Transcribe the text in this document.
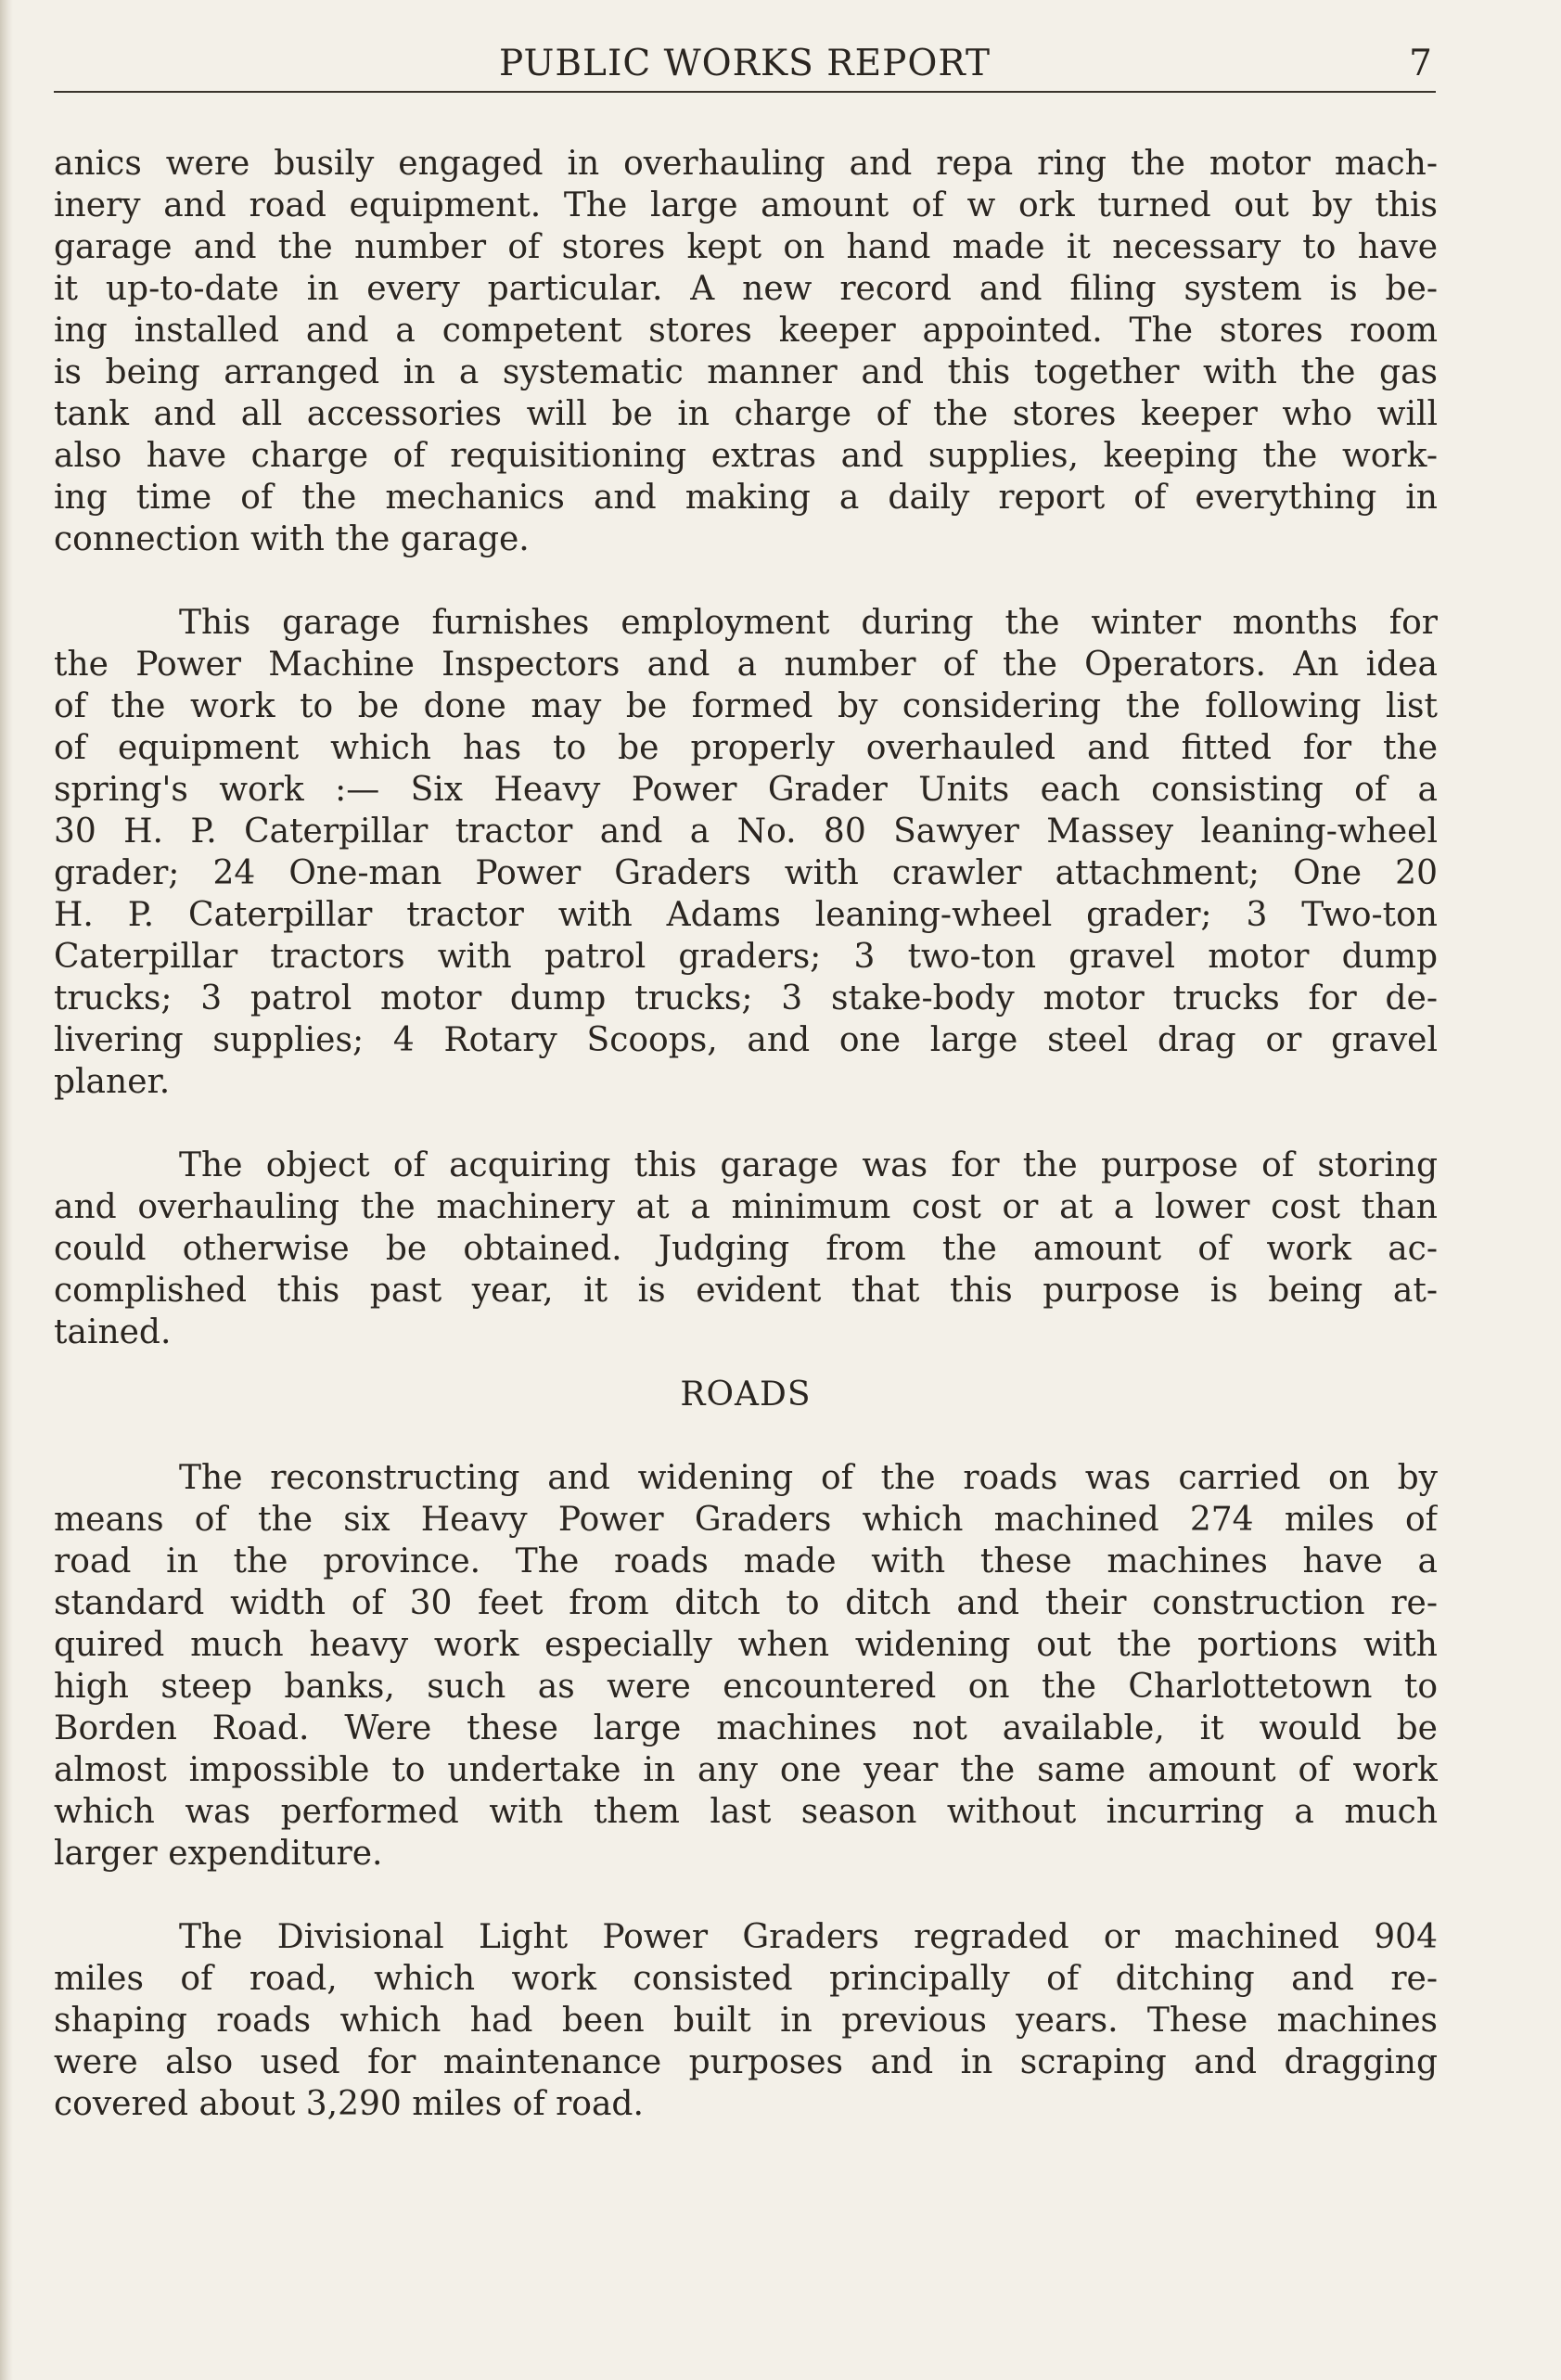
PUBLIC WORKS REPORT	7
anics were busily engaged in overhauling and repa ring the motor mach-
inery and road equipment. The large amount of w ork turned out by this
garage and the number of stores kept on hand made it necessary to have
it up-to-date in every particular. A new record and filing system is be-
ing installed and a competent stores keeper appointed. The stores room
is being arranged in a systematic manner and this together with the gas
tank and all accessories will be in charge of the stores keeper who will
also have charge of requisitioning extras and supplies, keeping the work-
ing time of the mechanics and making a daily report of everything in
connection with the garage.
This garage furnishes employment during the winter months for
the Power Machine Inspectors and a number of the Operators. An idea
of the work to be done may be formed by considering the following list
of equipment which has to be properly overhauled and fitted for the
spring's work :— Six Heavy Power Grader Units each consisting of a
30 H. P. Caterpillar tractor and a No. 80 Sawyer Massey leaning-wheel
grader; 24 One-man Power Graders with crawler attachment; One 20
H. P. Caterpillar tractor with Adams leaning-wheel grader; 3 Two-ton
Caterpillar tractors with patrol graders; 3 two-ton gravel motor dump
trucks; 3 patrol motor dump trucks; 3 stake-body motor trucks for de-
livering supplies; 4 Rotary Scoops, and one large steel drag or gravel
planer.
The object of acquiring this garage was for the purpose of storing
and overhauling the machinery at a minimum cost or at a lower cost than
could otherwise be obtained. Judging from the amount of work ac-
complished this past year, it is evident that this purpose is being at-
tained.
ROADS
The reconstructing and widening of the roads was carried on by
means of the six Heavy Power Graders which machined 274 miles of
road in the province. The roads made with these machines have a
standard width of 30 feet from ditch to ditch and their construction re-
quired much heavy work especially when widening out the portions with
high steep banks, such as were encountered on the Charlottetown to
Borden Road. Were these large machines not available, it would be
almost impossible to undertake in any one year the same amount of work
which was performed with them last season without incurring a much
larger expenditure.
The Divisional Light Power Graders regraded or machined 904
miles of road, which work consisted principally of ditching and re-
shaping roads which had been built in previous years. These machines
were also used for maintenance purposes and in scraping and dragging
covered about 3,290 miles of road.
